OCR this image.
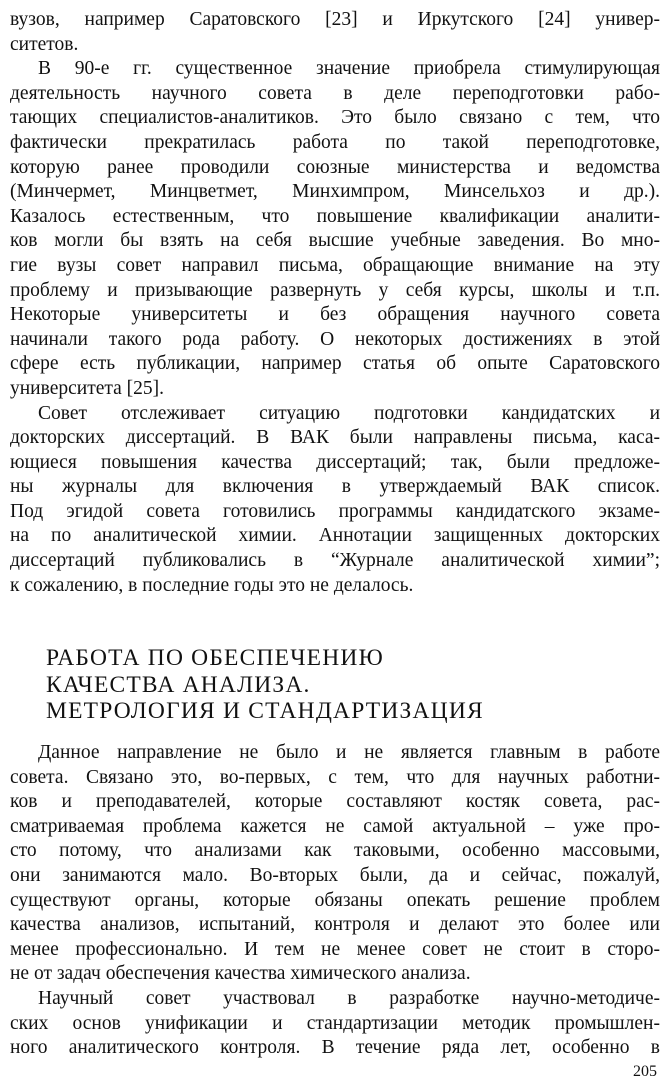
вузов, например Саратовского [23] и Иркутского [24] универ-
ситетов.
В 90-е гг. существенное значение приобрела стимулирующая
деятельность научного совета в деле переподготовки рабо-
тающих специалистов-аналитиков. Это было связано с тем, что
фактически прекратилась работа по такой переподготовке,
которую ранее проводили союзные министерства и ведомства
(Минчермет, Минцветмет, Минхимпром, Минсельхоз и др.).
Казалось естественным, что повышение квалификации аналити-
ков могли бы взять на себя высшие учебные заведения. Во мно-
гие вузы совет направил письма, обращающие внимание на эту
проблему и призывающие развернуть у себя курсы, школы и т.п.
Некоторые университеты и без обращения научного совета
начинали такого рода работу. О некоторых достижениях в этой
сфере есть публикации, например статья об опыте Саратовского
университета [25].
Совет отслеживает ситуацию подготовки кандидатских и
докторских диссертаций. В ВАК были направлены письма, каса-
ющиеся повышения качества диссертаций; так, были предложе-
ны журналы для включения в утверждаемый ВАК список.
Под эгидой совета готовились программы кандидатского экзаме-
на по аналитической химии. Аннотации защищенных докторских
диссертаций публиковались в “Журнале аналитической химии”;
к сожалению, в последние годы это не делалось.
РАБОТА ПО ОБЕСПЕЧЕНИЮ
КАЧЕСТВА АНАЛИЗА.
МЕТРОЛОГИЯ И СТАНДАРТИЗАЦИЯ
Данное направление не было и не является главным в работе
совета. Связано это, во-первых, с тем, что для научных работни-
ков и преподавателей, которые составляют костяк совета, рас-
сматриваемая проблема кажется не самой актуальной – уже про-
сто потому, что анализами как таковыми, особенно массовыми,
они занимаются мало. Во-вторых были, да и сейчас, пожалуй,
существуют органы, которые обязаны опекать решение проблем
качества анализов, испытаний, контроля и делают это более или
менее профессионально. И тем не менее совет не стоит в сторо-
не от задач обеспечения качества химического анализа.
Научный совет участвовал в разработке научно-методиче-
ских основ унификации и стандартизации методик промышлен-
ного аналитического контроля. В течение ряда лет, особенно в
205
